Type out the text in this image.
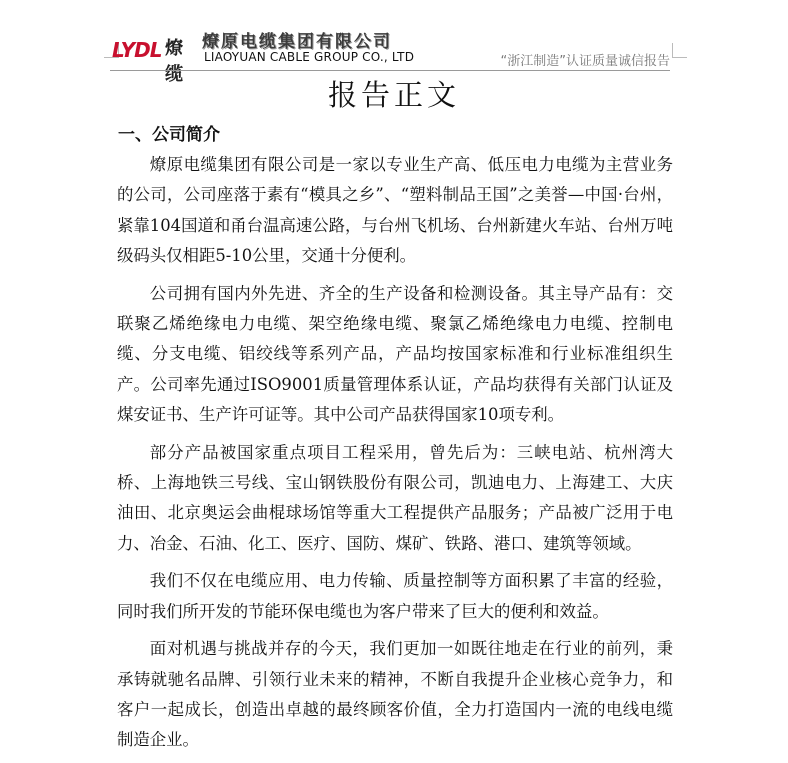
LYDL 燎缆
燎原电缆集团有限公司
LIAOYUAN CABLE GROUP CO., LTD	“浙江制造”认证质量诚信报告
报告正文
一、公司简介

燎原电缆集团有限公司是一家以专业生产高、低压电力电缆为主营业务的公司，公司座落于素有“模具之乡”、“塑料制品王国”之美誉—中国·台州，紧靠104国道和甬台温高速公路，与台州飞机场、台州新建火车站、台州万吨级码头仅相距5-10公里，交通十分便利。

公司拥有国内外先进、齐全的生产设备和检测设备。其主导产品有：交联聚乙烯绝缘电力电缆、架空绝缘电缆、聚氯乙烯绝缘电力电缆、控制电缆、分支电缆、铝绞线等系列产品，产品均按国家标准和行业标准组织生产。公司率先通过ISO9001质量管理体系认证，产品均获得有关部门认证及煤安证书、生产许可证等。其中公司产品获得国家10项专利。

部分产品被国家重点项目工程采用，曾先后为：三峡电站、杭州湾大桥、上海地铁三号线、宝山钢铁股份有限公司，凯迪电力、上海建工、大庆油田、北京奥运会曲棍球场馆等重大工程提供产品服务；产品被广泛用于电力、冶金、石油、化工、医疗、国防、煤矿、铁路、港口、建筑等领域。

我们不仅在电缆应用、电力传输、质量控制等方面积累了丰富的经验，同时我们所开发的节能环保电缆也为客户带来了巨大的便利和效益。

面对机遇与挑战并存的今天，我们更加一如既往地走在行业的前列，秉承铸就驰名品牌、引领行业未来的精神，不断自我提升企业核心竞争力，和客户一起成长，创造出卓越的最终顾客价值，全力打造国内一流的电线电缆制造企业。
